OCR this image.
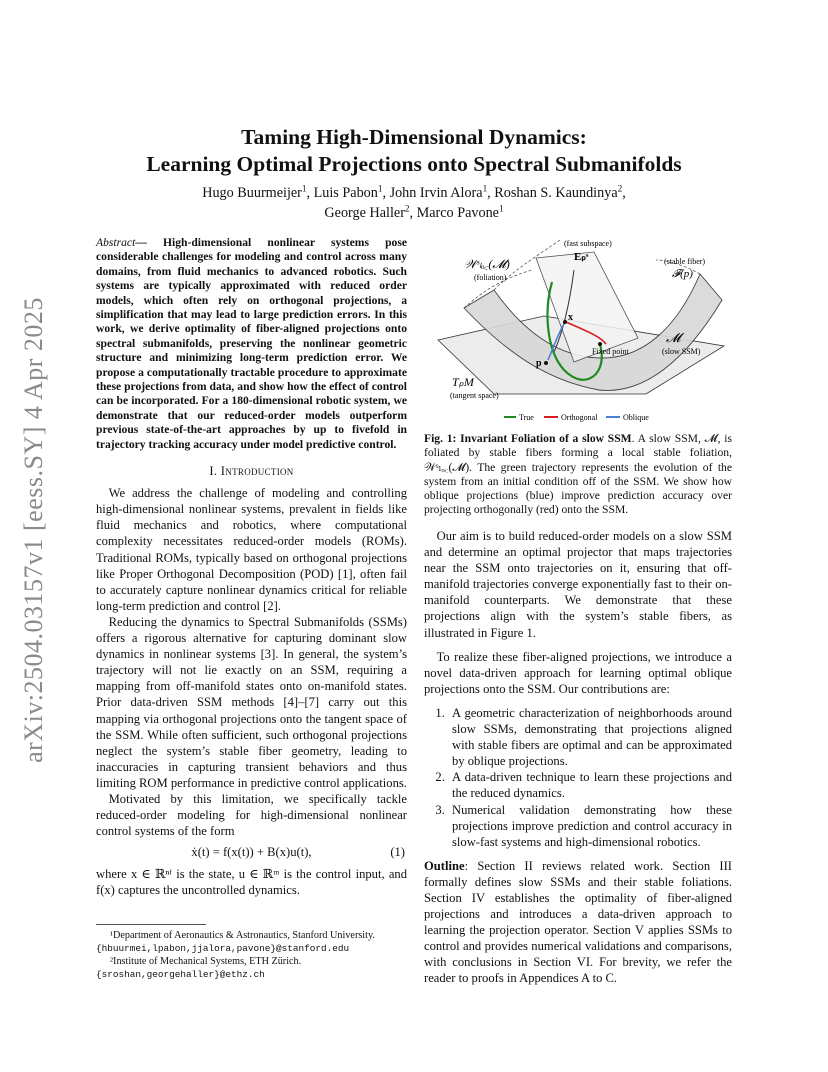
arXiv:2504.03157v1 [eess.SY] 4 Apr 2025
Taming High-Dimensional Dynamics:
Learning Optimal Projections onto Spectral Submanifolds
Hugo Buurmeijer$^1$, Luis Pabon$^1$, John Irvin Alora$^1$, Roshan S. Kaundinya$^2$,
George Haller$^2$, Marco Pavone$^1$

Abstract— High-dimensional nonlinear systems pose considerable challenges for modeling and control across many domains, from fluid mechanics to advanced robotics. Such systems are typically approximated with reduced order models, which often rely on orthogonal projections, a simplification that may lead to large prediction errors. In this work, we derive optimality of fiber-aligned projections onto spectral submanifolds, preserving the nonlinear geometric structure and minimizing long-term prediction error. We propose a computationally tractable procedure to approximate these projections from data, and show how the effect of control can be incorporated. For a 180-dimensional robotic system, we demonstrate that our reduced-order models outperform previous state-of-the-art approaches by up to fivefold in trajectory tracking accuracy under model predictive control.

I. Introduction

We address the challenge of modeling and controlling high-dimensional nonlinear systems, prevalent in fields like fluid mechanics and robotics, where computational complexity necessitates reduced-order models (ROMs). Traditional ROMs, typically based on orthogonal projections like Proper Orthogonal Decomposition (POD) [1], often fail to accurately capture nonlinear dynamics critical for reliable long-term prediction and control [2].

Reducing the dynamics to Spectral Submanifolds (SSMs) offers a rigorous alternative for capturing dominant slow dynamics in nonlinear systems [3]. In general, the system’s trajectory will not lie exactly on an SSM, requiring a mapping from off-manifold states onto on-manifold states. Prior data-driven SSM methods [4]–[7] carry out this mapping via orthogonal projections onto the tangent space of the SSM. While often sufficient, such orthogonal projections neglect the system’s stable fiber geometry, leading to inaccuracies in capturing transient behaviors and thus limiting ROM performance in predictive control applications.

Motivated by this limitation, we specifically tackle reduced-order modeling for high-dimensional nonlinear control systems of the form

ẋ(t) = f(x(t)) + B(x)u(t),	(1)

where x ∈ ℝⁿᶠ is the state, u ∈ ℝᵐ is the control input, and f(x) captures the uncontrolled dynamics.

¹Department of Aeronautics & Astronautics, Stanford University.
{hbuurmei,lpabon,jjalora,pavone}@stanford.edu
²Institute of Mechanical Systems, ETH Zürich.
{sroshan,georgehaller}@ethz.ch
(fast subspace)
Eₚˢ	(stable fiber)
𝓕(p)
𝒲ˢₗₒ꜀(𝓜)
(foliation)
𝓜
(slow SSM)
Fixed point
x
p
TₚM
(tangent space)
True	Orthogonal	Oblique
Fig. 1: Invariant Foliation of a slow SSM. A slow SSM, 𝓜, is foliated by stable fibers forming a local stable foliation, 𝒲ˢₗₒ꜀(𝓜). The green trajectory represents the evolution of the system from an initial condition off of the SSM. We show how oblique projections (blue) improve prediction accuracy over projecting orthogonally (red) onto the SSM.

Our aim is to build reduced-order models on a slow SSM and determine an optimal projector that maps trajectories near the SSM onto trajectories on it, ensuring that off-manifold trajectories converge exponentially fast to their on-manifold counterparts. We demonstrate that these projections align with the system’s stable fibers, as illustrated in Figure 1.

To realize these fiber-aligned projections, we introduce a novel data-driven approach for learning optimal oblique projections onto the SSM. Our contributions are:

1. A geometric characterization of neighborhoods around slow SSMs, demonstrating that projections aligned with stable fibers are optimal and can be approximated by oblique projections.
2. A data-driven technique to learn these projections and the reduced dynamics.
3. Numerical validation demonstrating how these projections improve prediction and control accuracy in slow-fast systems and high-dimensional robotics.

Outline: Section II reviews related work. Section III formally defines slow SSMs and their stable foliations. Section IV establishes the optimality of fiber-aligned projections and introduces a data-driven approach to learning the projection operator. Section V applies SSMs to control and provides numerical validations and comparisons, with conclusions in Section VI. For brevity, we refer the reader to proofs in Appendices A to C.
